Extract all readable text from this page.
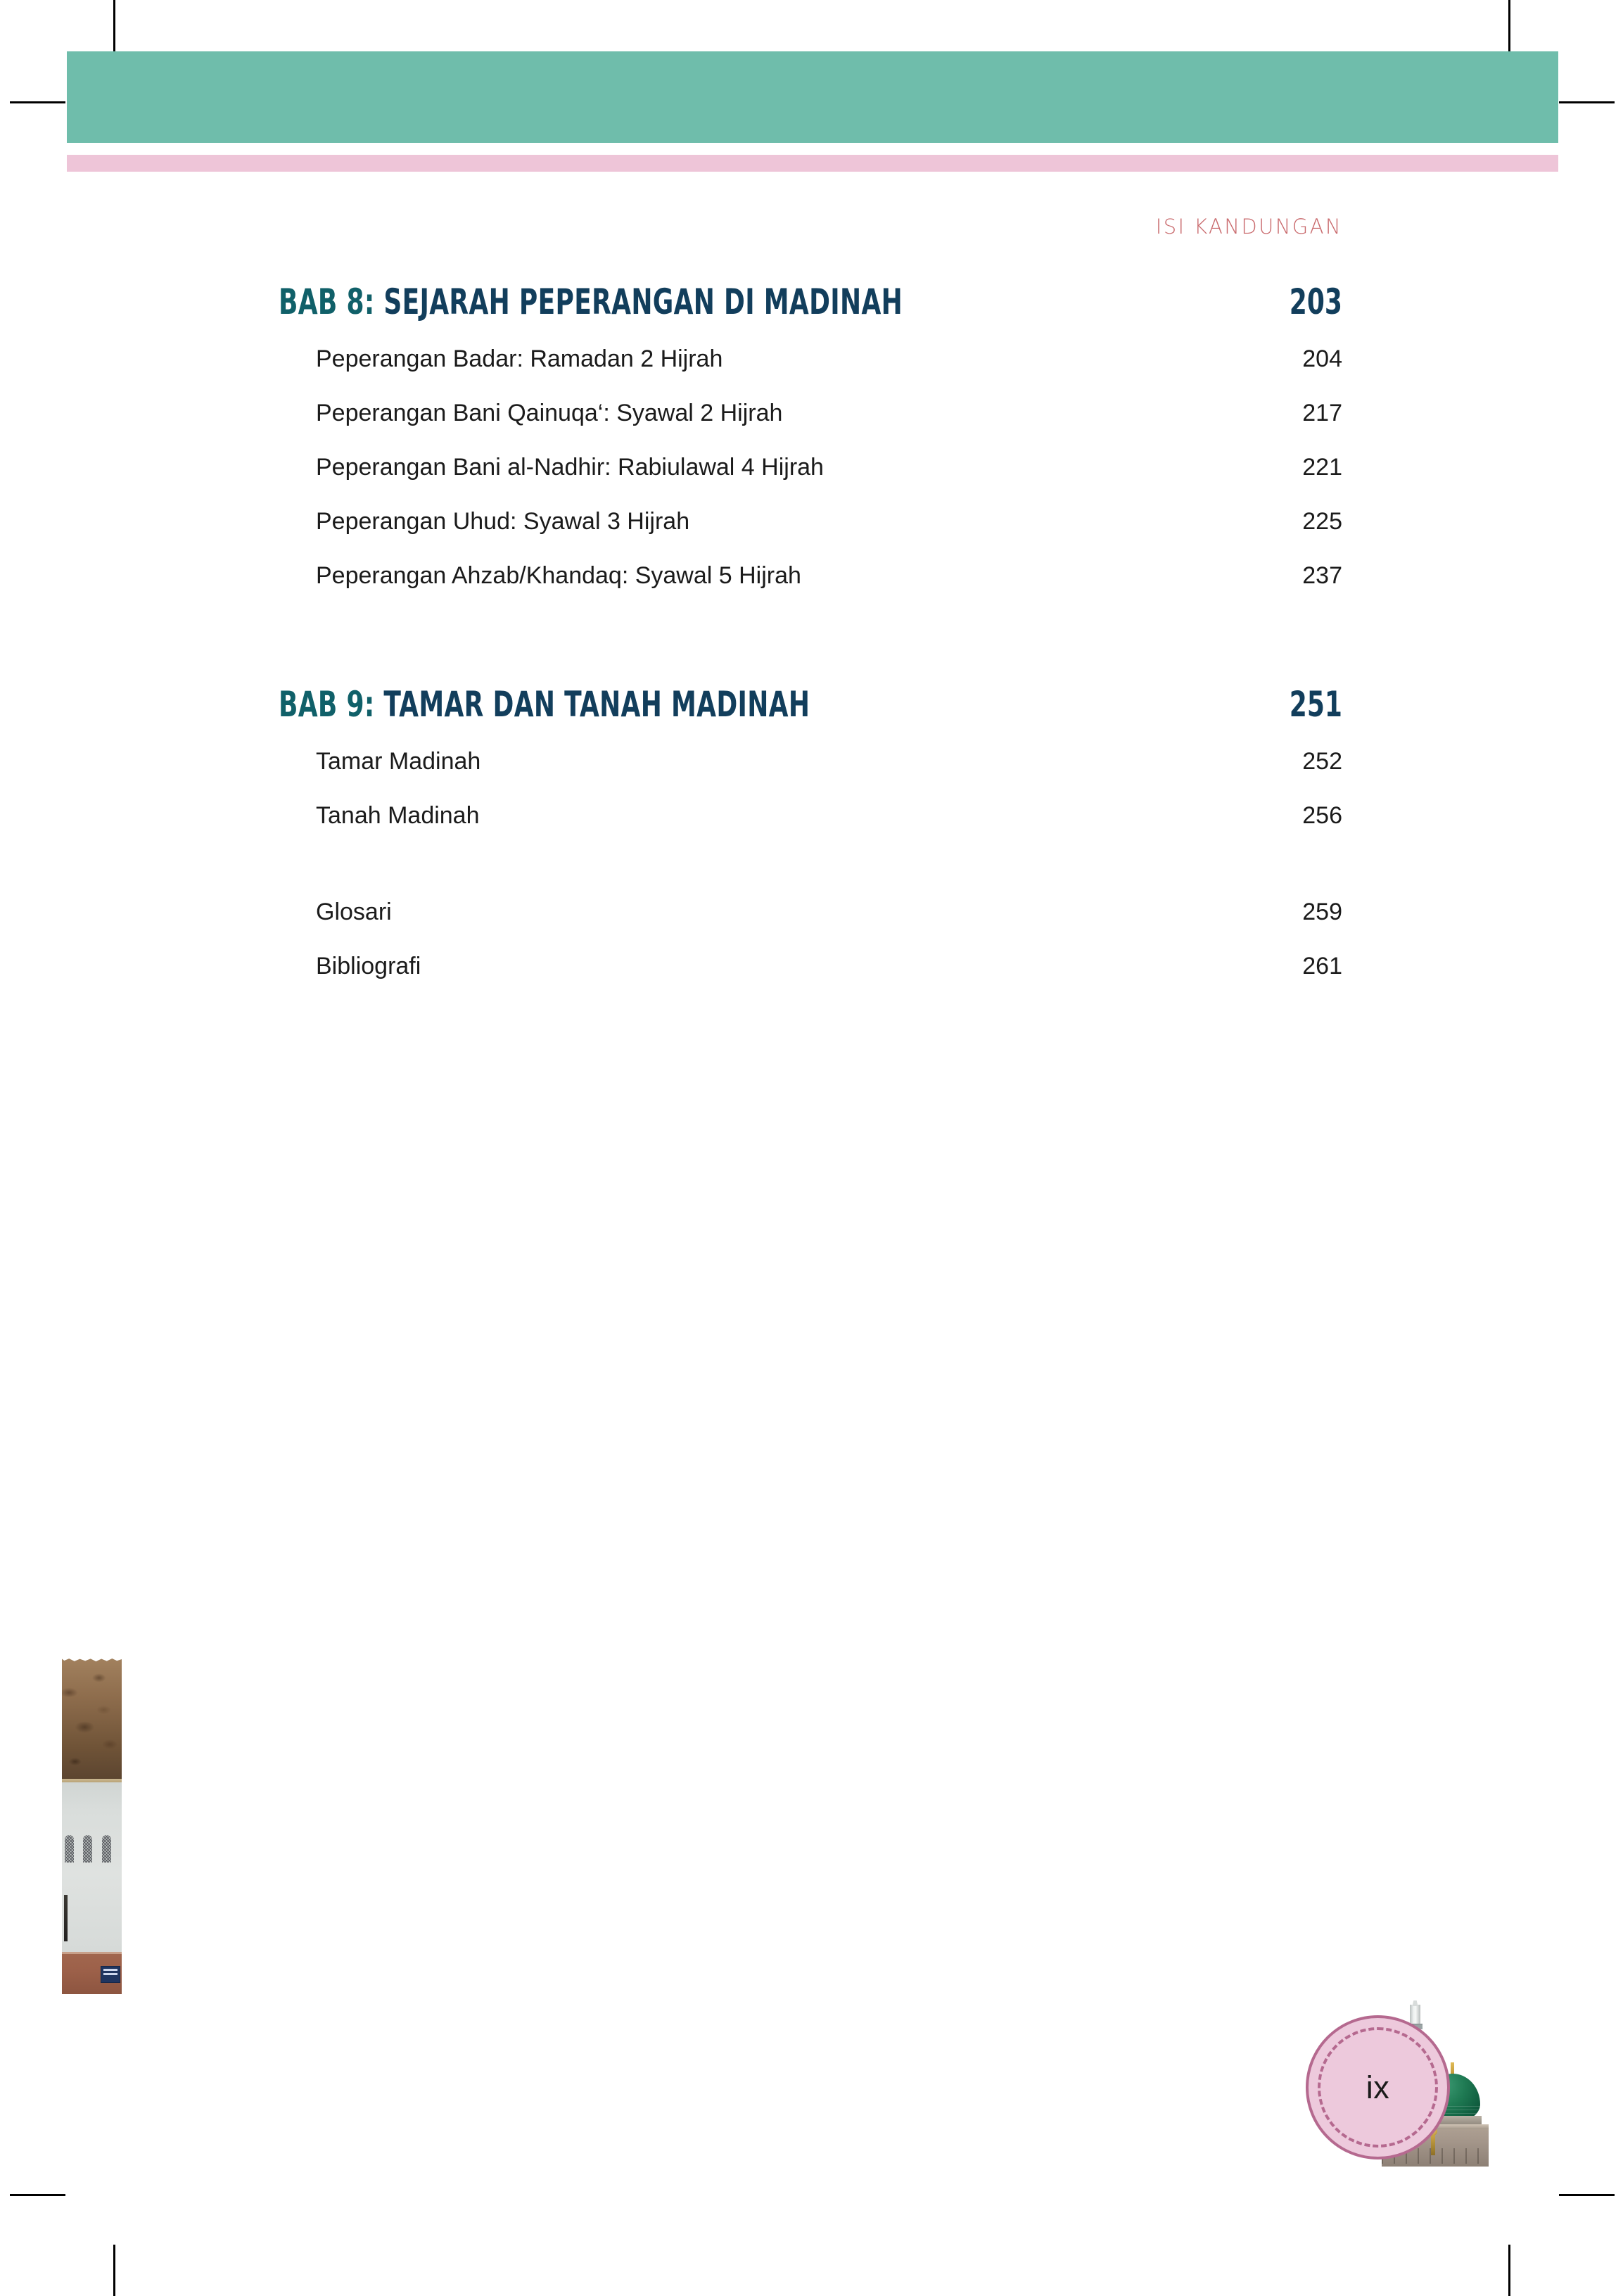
ISI KANDUNGAN
BAB 8: SEJARAH PEPERANGAN DI MADINAH	203
Peperangan Badar: Ramadan 2 Hijrah	204
Peperangan Bani Qainuqa‘: Syawal 2 Hijrah	217
Peperangan Bani al-Nadhir: Rabiulawal 4 Hijrah	221
Peperangan Uhud: Syawal 3 Hijrah	225
Peperangan Ahzab/Khandaq: Syawal 5 Hijrah	237
BAB 9: TAMAR DAN TANAH MADINAH	251
Tamar Madinah	252
Tanah Madinah	256
Glosari	259
Bibliografi	261
ix
